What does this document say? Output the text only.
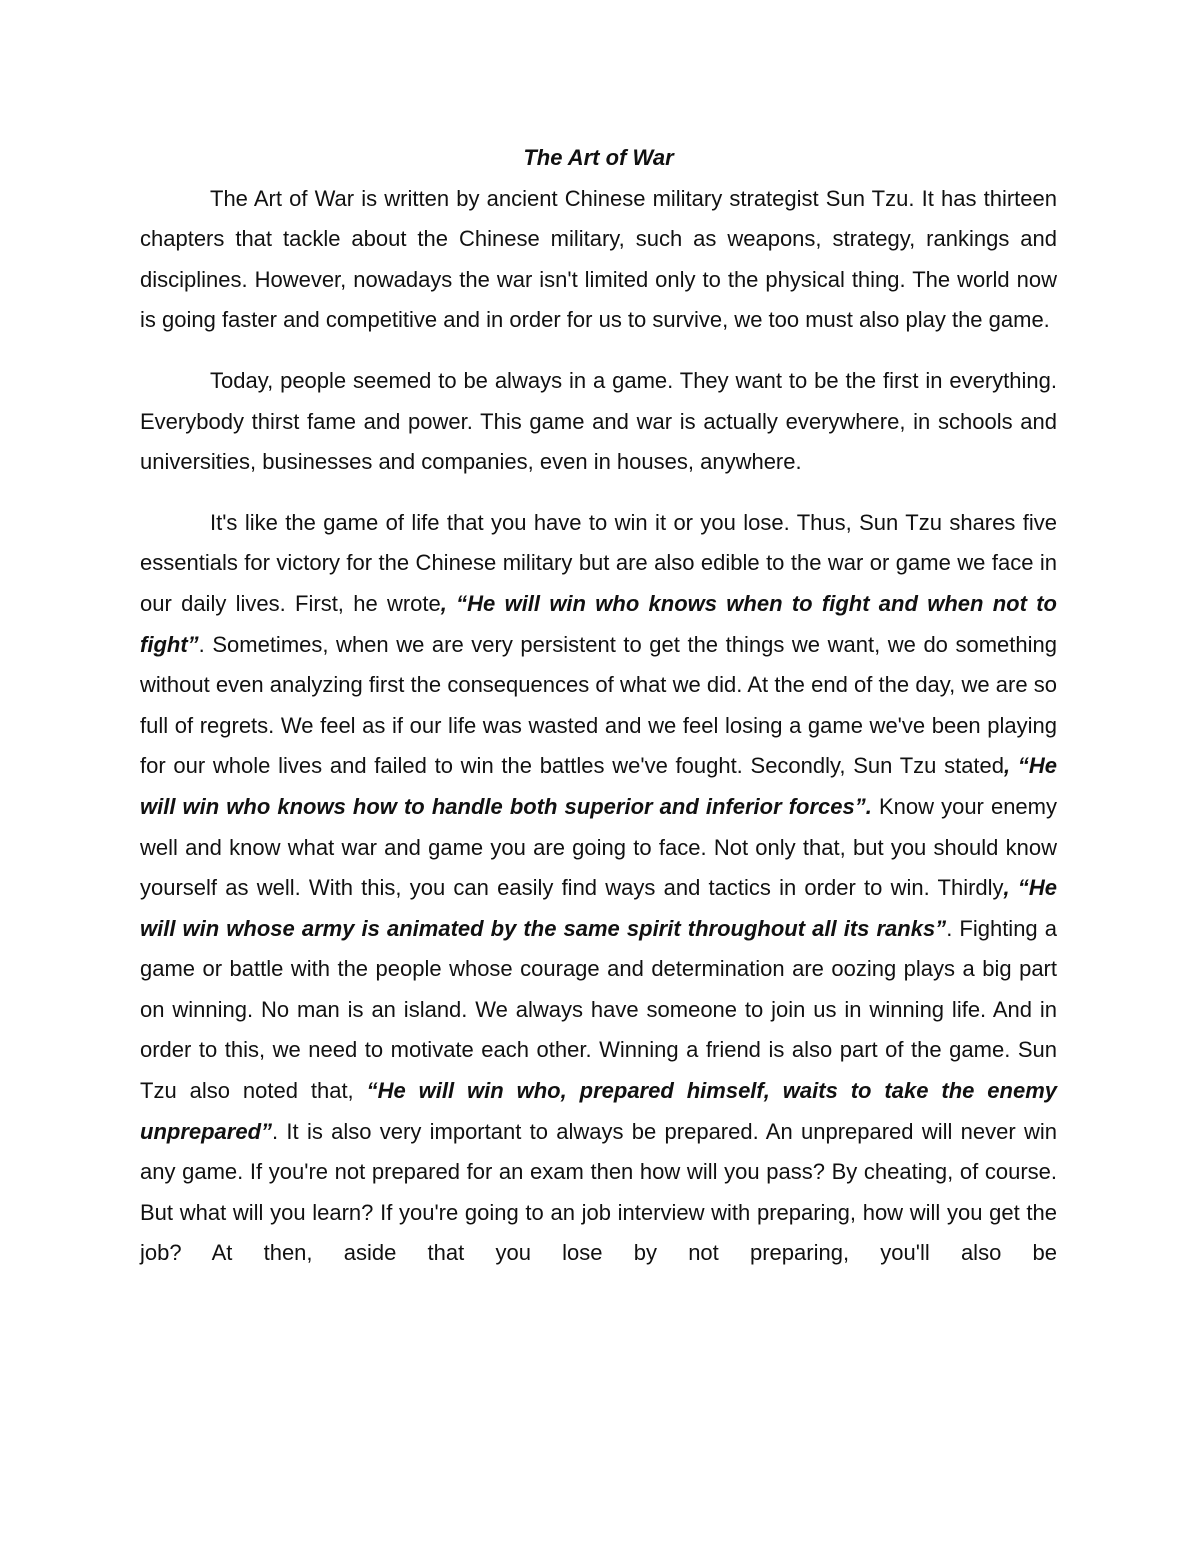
The Art of War

The Art of War is written by ancient Chinese military strategist Sun Tzu. It has thirteen chapters that tackle about the Chinese military, such as weapons, strategy, rankings and disciplines. However, nowadays the war isn't limited only to the physical thing. The world now is going faster and competitive and in order for us to survive, we too must also play the game.

Today, people seemed to be always in a game. They want to be the first in everything. Everybody thirst fame and power. This game and war is actually everywhere, in schools and universities, businesses and companies, even in houses, anywhere.

It's like the game of life that you have to win it or you lose. Thus, Sun Tzu shares five essentials for victory for the Chinese military but are also edible to the war or game we face in our daily lives. First, he wrote, “He will win who knows when to fight and when not to fight”. Sometimes, when we are very persistent to get the things we want, we do something without even analyzing first the consequences of what we did. At the end of the day, we are so full of regrets. We feel as if our life was wasted and we feel losing a game we've been playing for our whole lives and failed to win the battles we've fought. Secondly, Sun Tzu stated, “He will win who knows how to handle both superior and inferior forces”. Know your enemy well and know what war and game you are going to face. Not only that, but you should know yourself as well. With this, you can easily find ways and tactics in order to win. Thirdly, “He will win whose army is animated by the same spirit throughout all its ranks”. Fighting a game or battle with the people whose courage and determination are oozing plays a big part on winning. No man is an island. We always have someone to join us in winning life. And in order to this, we need to motivate each other. Winning a friend is also part of the game. Sun Tzu also noted that, “He will win who, prepared himself, waits to take the enemy unprepared”. It is also very important to always be prepared. An unprepared will never win any game. If you're not prepared for an exam then how will you pass? By cheating, of course. But what will you learn? If you're going to an job interview with preparing, how will you get the job? At then, aside that you lose by not preparing, you'll also be
